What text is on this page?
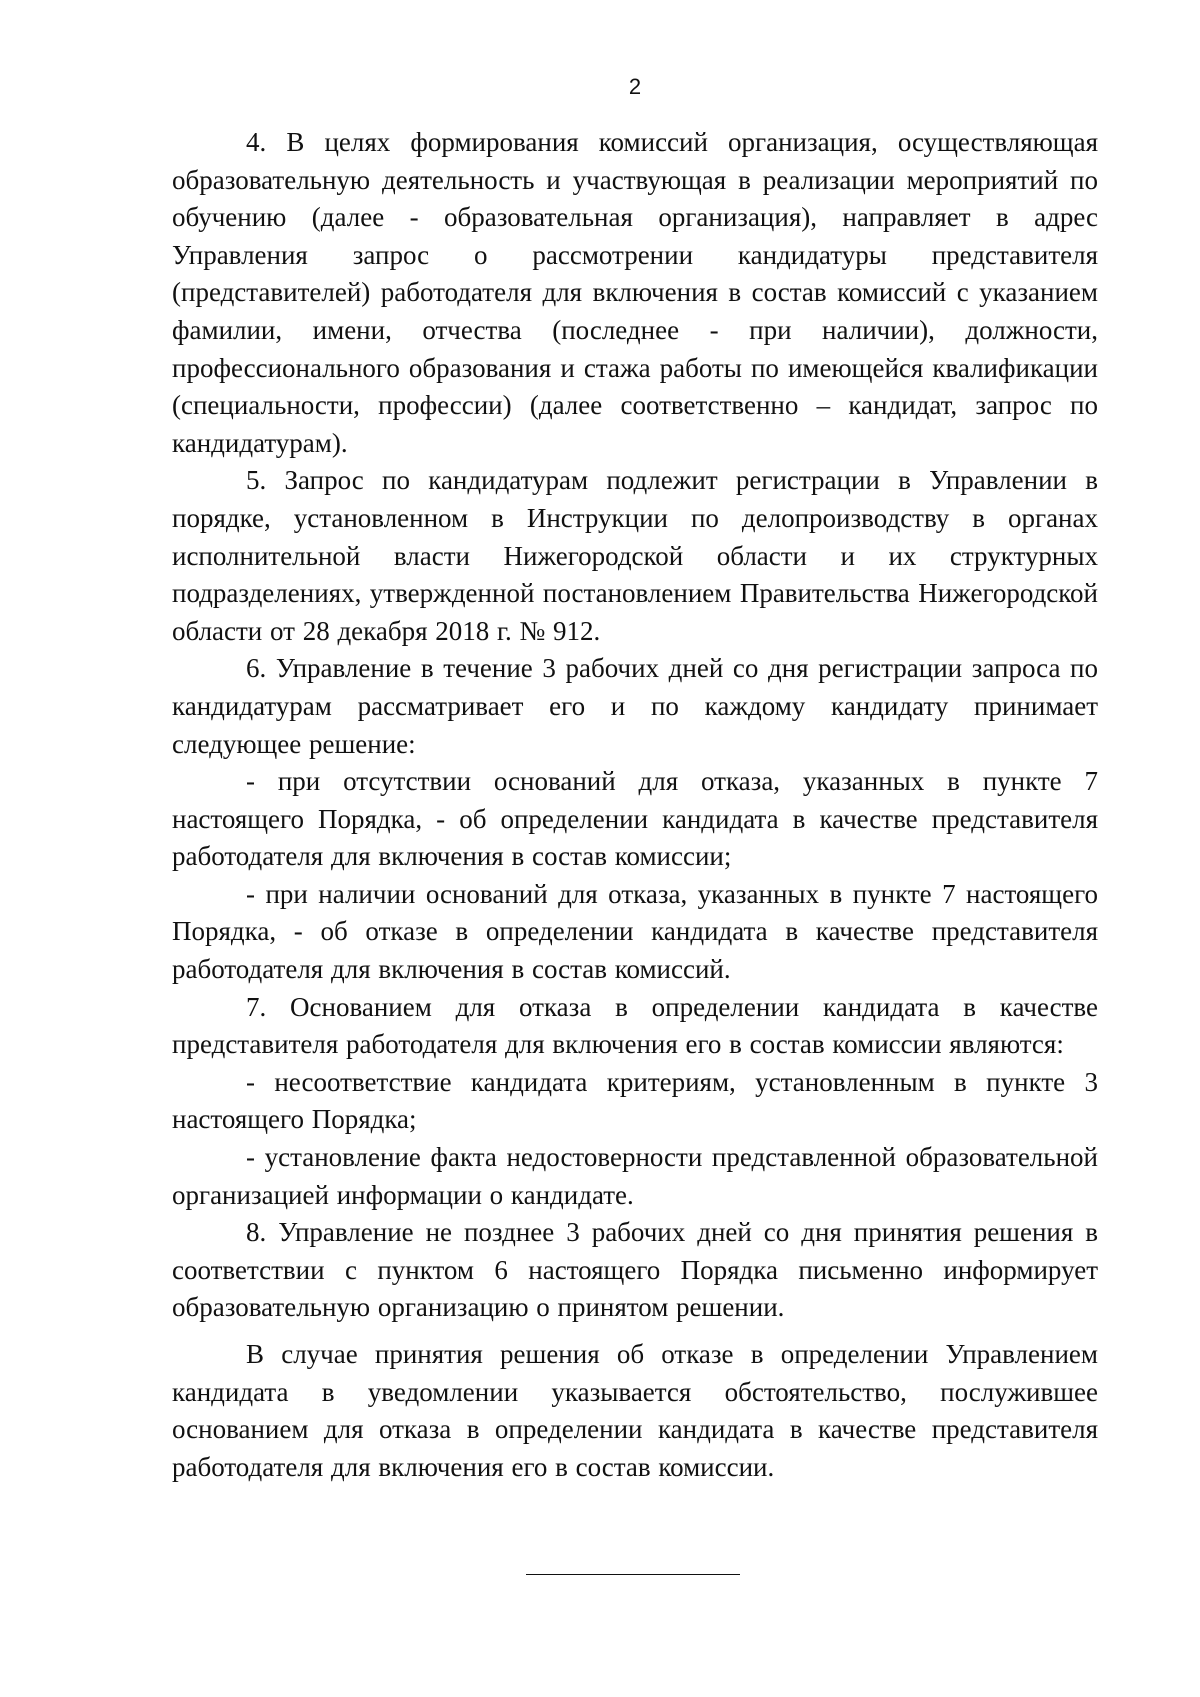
2

4. В целях формирования комиссий организация, осуществляющая образовательную деятельность и участвующая в реализации мероприятий по обучению (далее - образовательная организация), направляет в адрес Управления запрос о рассмотрении кандидатуры представителя (представителей) работодателя для включения в состав комиссий с указанием фамилии, имени, отчества (последнее - при наличии), должности, профессионального образования и стажа работы по имеющейся квалификации (специальности, профессии) (далее соответственно – кандидат, запрос по кандидатурам).

5. Запрос по кандидатурам подлежит регистрации в Управлении в порядке, установленном в Инструкции по делопроизводству в органах исполнительной власти Нижегородской области и их структурных подразделениях, утвержденной постановлением Правительства Нижегородской области от 28 декабря 2018 г. № 912.

6. Управление в течение 3 рабочих дней со дня регистрации запроса по кандидатурам рассматривает его и по каждому кандидату принимает следующее решение:

- при отсутствии оснований для отказа, указанных в пункте 7 настоящего Порядка, - об определении кандидата в качестве представителя работодателя для включения в состав комиссии;

- при наличии оснований для отказа, указанных в пункте 7 настоящего Порядка, - об отказе в определении кандидата в качестве представителя работодателя для включения в состав комиссий.

7. Основанием для отказа в определении кандидата в качестве представителя работодателя для включения его в состав комиссии являются:

- несоответствие кандидата критериям, установленным в пункте 3 настоящего Порядка;

- установление факта недостоверности представленной образовательной организацией информации о кандидате.

8. Управление не позднее 3 рабочих дней со дня принятия решения в соответствии с пунктом 6 настоящего Порядка письменно информирует образовательную организацию о принятом решении.

В случае принятия решения об отказе в определении Управлением кандидата в уведомлении указывается обстоятельство, послужившее основанием для отказа в определении кандидата в качестве представителя работодателя для включения его в состав комиссии.
